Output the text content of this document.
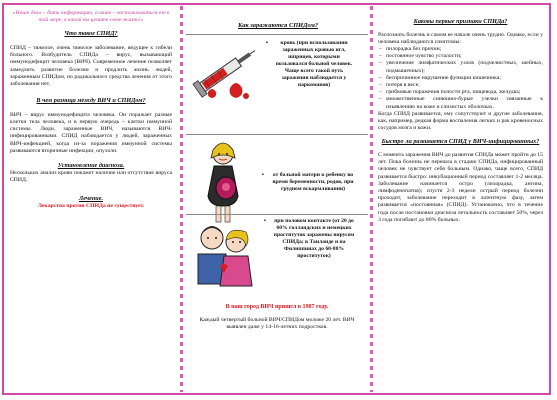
«Наше дело – дать информацию, а ваше – воспользоваться ею в той мере, в какой вы цените свою жизнь!»

Что такое СПИД?

СПИД – тяжелое, очень тяжелое заболевание, ведущее к гибели больного. Возбудитель СПИДа – вирус, вызывающий иммунодефицит человека (ВИЧ). Современное лечение позволяет замедлить развитие болезни и продлить жизнь людей, зараженным СПИДом, но радикального средства лечения от этого заболевания нет.

В чем разница между ВИЧ и СПИДом?

ВИЧ – вирус иммунодефицита человека. Он поражает разные клетки тела человека, и в первую очередь – клетки иммунной системы. Люди, зараженные ВИЧ, называются ВИЧ-инфицированными. СПИД наблюдается у людей, зараженных ВИЧ-инфекцией, когда из-за поражения иммунной системы развиваются вторичные инфекции, опухоли.

Установление диагноза.

Нескольких анализ крови покажет наличие или отсутствие вируса СПИД.

Лечение.

Лекарства против СПИДа не существует.

Как заражаются СПИДом?
▪ кровь (при использовании зараженных кровью игл, шприцев, которыми пользовался больной человек. Чаще всего такой путь заражения наблюдается у наркоманов)
▪ от больной матери к ребенку во время беременности, родов, при грудном вскармливании)
▪ при половом контакте (от 20 до 60% голландских и немецких проституток заражены вирусом СПИДа; в Таиланде и на Филиппинах до 60-80% проституток)
В наш город ВИЧ пришел в 1987 году.
Каждый четвертый больной ВИЧ/СПИДом моложе 20 лет. ВИЧ выявлен даже у 14-16-летних подростков.

Каковы первые признаки СПИДа?

Распознать болезнь в самом ее начале очень трудно. Однако, если у человека наблюдаются симптомы:

– пилорадка без причин;
– постоянное чувство усталости;
– увеличение лимфатических узлов (подчелюстных, шейных, подмышечных);
– беспричинное нарушение функции кишечника;
– потеря в весе;
– грибковые поражения полости рта, пищевода, желудка;
– множественные синюшно-бурые узелки связанные к изъявлению на коже и слизистых оболочках.

Когда СПИД развивается, ему сопутствуют и другие заболевания, как, например, редкая форма воспаления легких и рак кровеносных сосудов мозга и кожи.

Быстро ли развивается СПИД у ВИЧ-инфицированных?

С момента заражения ВИЧ до развития СПИДа может пройти до 15 лет. Пока болезнь не перешла в стадию СПИДа, инфицированный человек не чувствует себя больным. Однако, чаще всего, СПИД развивается быстро: инкубационный период составляет 1-2 месяца. Заболевание начинается остро (лихорадка, ангина, лимфоденопатия); спустя 2-3 недели острый период болезни проходит, заболевание переходит в латентную фазу, затем развивается «постоянная» (СПИД). Установлено, что в течение года после постановки диагноза летальность составляет 50%, через 3 года погибают до 80% больных.
